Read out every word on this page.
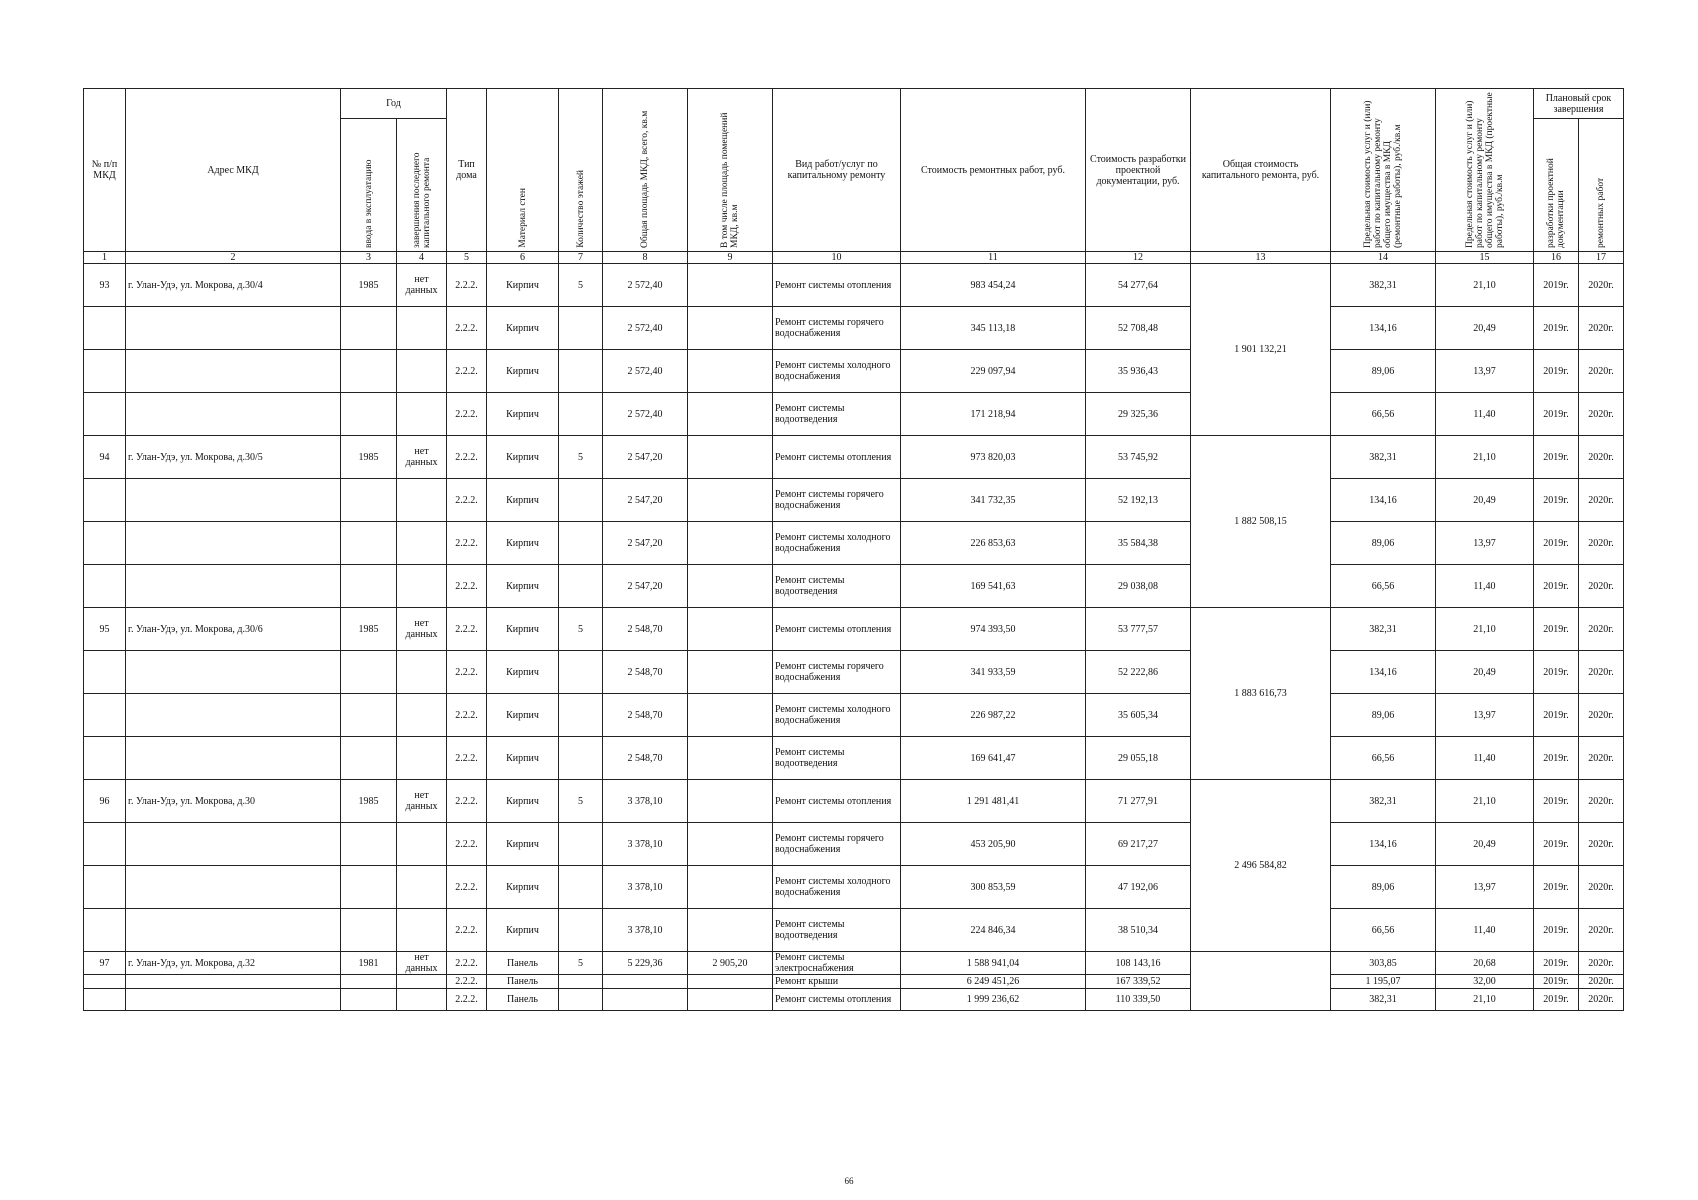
№ п/п МКД	Адрес МКД	Год		Тип дома	Материал стен	Количество этажей	Общая площадь МКД, всего, кв.м	В том числе площадь помещений МКД, кв.м	Вид работ/услуг по капитальному ремонту	Стоимость ремонтных работ, руб.	Стоимость разработки проектной документации, руб.	Общая стоимость капитального ремонта, руб.	Предельная стоимость услуг и (или) работ по капитальному ремонту общего имущества в МКД (ремонтные работы), руб./кв.м	Предельная стоимость услуг и (или) работ по капитальному ремонту общего имущества в МКД (проектные работы), руб./кв.м	Плановый срок завершения	

		ввода в эксплуатацию	завершения последнего капитального ремонта												разработки проектной документации	ремонтных работ

1	2	3	4	5	6	7	8	9	10	11	12	13	14	15	16	17
93	г. Улан-Удэ, ул. Мокрова, д.30/4	1985	нет данных	2.2.2.	Кирпич	5	2 572,40		Ремонт системы отопления	983 454,24	54 277,64	1 901 132,21	382,31	21,10	2019г.	2020г.
				2.2.2.	Кирпич		2 572,40		Ремонт системы горячего водоснабжения	345 113,18	52 708,48		134,16	20,49	2019г.	2020г.
				2.2.2.	Кирпич		2 572,40		Ремонт системы холодного водоснабжения	229 097,94	35 936,43		89,06	13,97	2019г.	2020г.
				2.2.2.	Кирпич		2 572,40		Ремонт системы водоотведения	171 218,94	29 325,36		66,56	11,40	2019г.	2020г.
94	г. Улан-Удэ, ул. Мокрова, д.30/5	1985	нет данных	2.2.2.	Кирпич	5	2 547,20		Ремонт системы отопления	973 820,03	53 745,92	1 882 508,15	382,31	21,10	2019г.	2020г.
				2.2.2.	Кирпич		2 547,20		Ремонт системы горячего водоснабжения	341 732,35	52 192,13		134,16	20,49	2019г.	2020г.
				2.2.2.	Кирпич		2 547,20		Ремонт системы холодного водоснабжения	226 853,63	35 584,38		89,06	13,97	2019г.	2020г.
				2.2.2.	Кирпич		2 547,20		Ремонт системы водоотведения	169 541,63	29 038,08		66,56	11,40	2019г.	2020г.
95	г. Улан-Удэ, ул. Мокрова, д.30/6	1985	нет данных	2.2.2.	Кирпич	5	2 548,70		Ремонт системы отопления	974 393,50	53 777,57	1 883 616,73	382,31	21,10	2019г.	2020г.
				2.2.2.	Кирпич		2 548,70		Ремонт системы горячего водоснабжения	341 933,59	52 222,86		134,16	20,49	2019г.	2020г.
				2.2.2.	Кирпич		2 548,70		Ремонт системы холодного водоснабжения	226 987,22	35 605,34		89,06	13,97	2019г.	2020г.
				2.2.2.	Кирпич		2 548,70		Ремонт системы водоотведения	169 641,47	29 055,18		66,56	11,40	2019г.	2020г.
96	г. Улан-Удэ, ул. Мокрова, д.30	1985	нет данных	2.2.2.	Кирпич	5	3 378,10		Ремонт системы отопления	1 291 481,41	71 277,91	2 496 584,82	382,31	21,10	2019г.	2020г.
				2.2.2.	Кирпич		3 378,10		Ремонт системы горячего водоснабжения	453 205,90	69 217,27		134,16	20,49	2019г.	2020г.
				2.2.2.	Кирпич		3 378,10		Ремонт системы холодного водоснабжения	300 853,59	47 192,06		89,06	13,97	2019г.	2020г.
				2.2.2.	Кирпич		3 378,10		Ремонт системы водоотведения	224 846,34	38 510,34		66,56	11,40	2019г.	2020г.
97	г. Улан-Удэ, ул. Мокрова, д.32	1981	нет данных	2.2.2.	Панель	5	5 229,36	2 905,20	Ремонт системы электроснабжения	1 588 941,04	108 143,16		303,85	20,68	2019г.	2020г.
				2.2.2.	Панель				Ремонт крыши	6 249 451,26	167 339,52		1 195,07	32,00	2019г.	2020г.
				2.2.2.	Панель				Ремонт системы отопления	1 999 236,62	110 339,50		382,31	21,10	2019г.	2020г.
66
